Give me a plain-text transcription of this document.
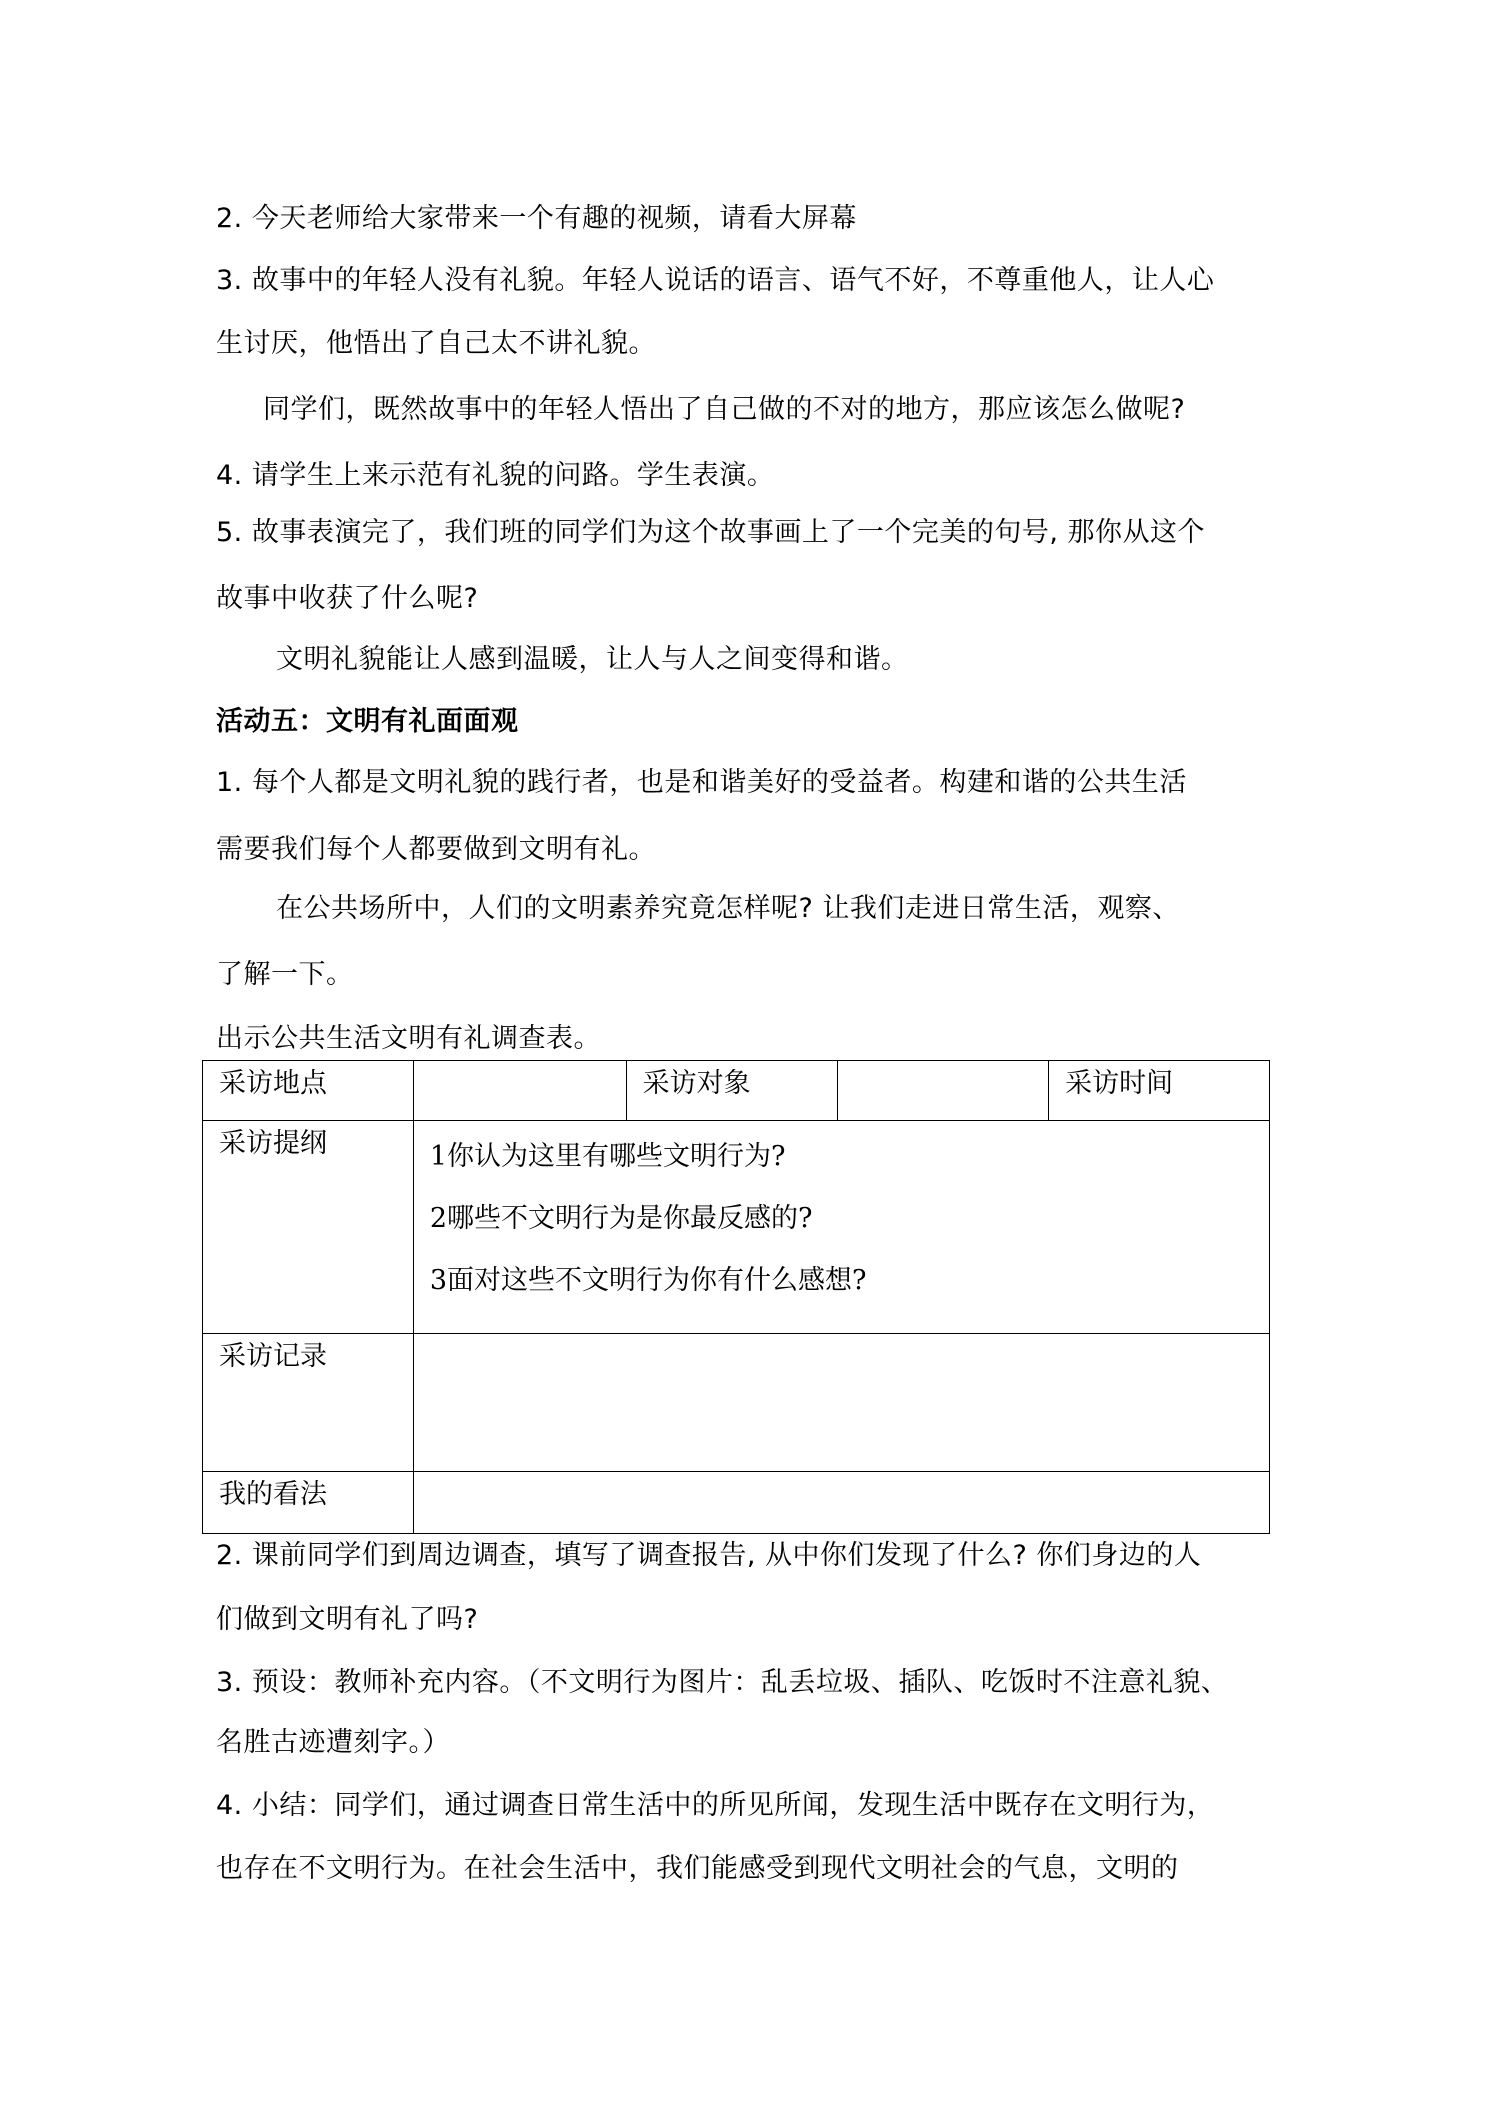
2. 今天老师给大家带来一个有趣的视频，请看大屏幕
3. 故事中的年轻人没有礼貌。年轻人说话的语言、语气不好，不尊重他人，让人心
生讨厌，他悟出了自己太不讲礼貌。
同学们，既然故事中的年轻人悟出了自己做的不对的地方，那应该怎么做呢?
4. 请学生上来示范有礼貌的问路。学生表演。
5. 故事表演完了，我们班的同学们为这个故事画上了一个完美的句号, 那你从这个
故事中收获了什么呢?
文明礼貌能让人感到温暖，让人与人之间变得和谐。
活动五：文明有礼面面观
1. 每个人都是文明礼貌的践行者，也是和谐美好的受益者。构建和谐的公共生活
需要我们每个人都要做到文明有礼。
在公共场所中，人们的文明素养究竟怎样呢? 让我们走进日常生活，观察、
了解一下。
出示公共生活文明有礼调查表。
采访地点		采访对象		采访时间
采访提纲	1你认为这里有哪些文明行为?
2哪些不文明行为是你最反感的?
3面对这些不文明行为你有什么感想?			

采访记录				
我的看法				
2. 课前同学们到周边调查，填写了调查报告, 从中你们发现了什么? 你们身边的人
们做到文明有礼了吗?
3. 预设：教师补充内容。（不文明行为图片：乱丢垃圾、插队、吃饭时不注意礼貌、
名胜古迹遭刻字。）
4. 小结：同学们，通过调查日常生活中的所见所闻，发现生活中既存在文明行为，
也存在不文明行为。在社会生活中，我们能感受到现代文明社会的气息，文明的
